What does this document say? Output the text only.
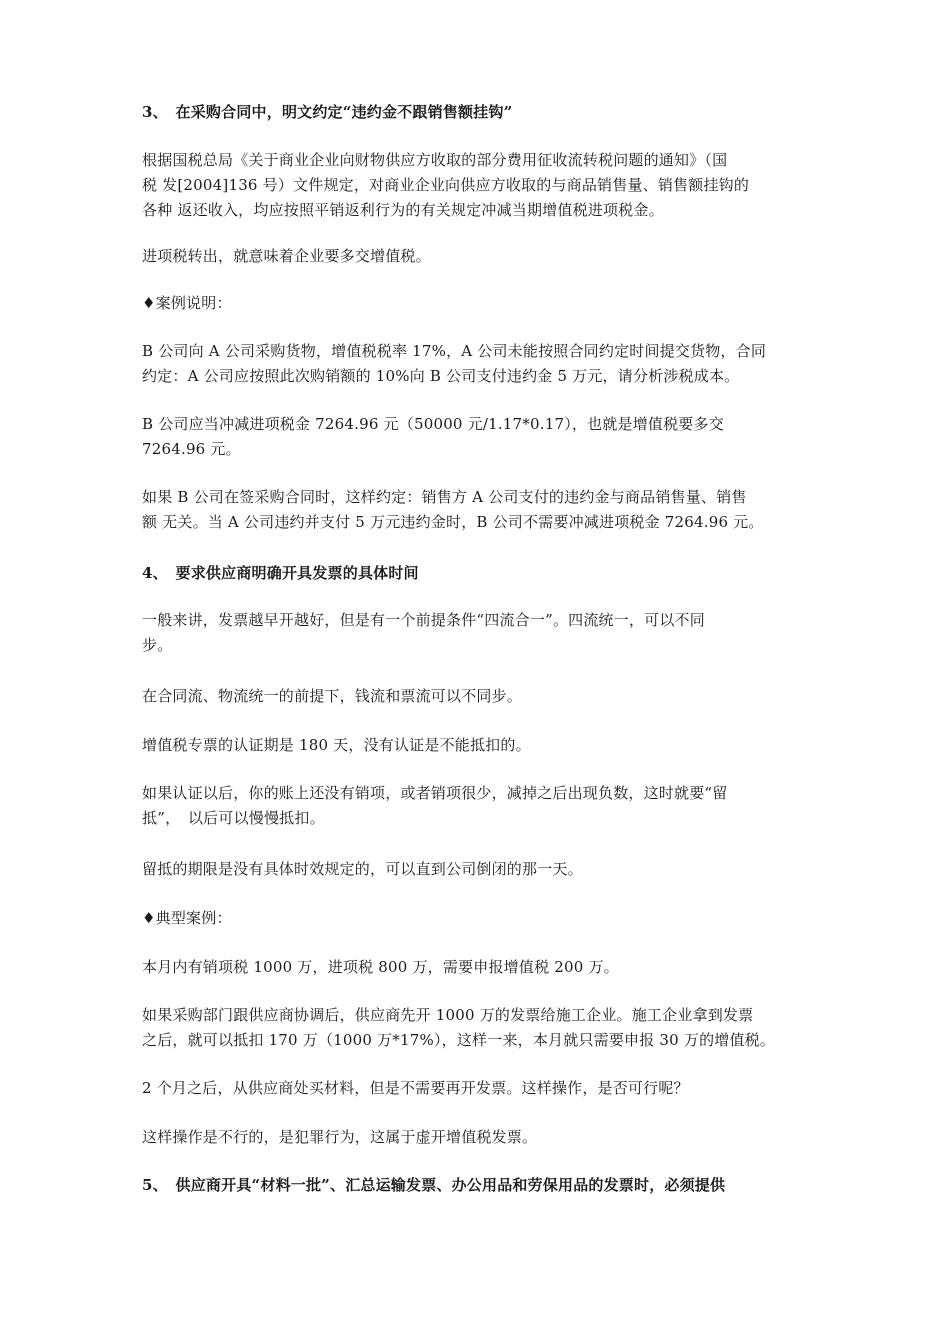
3、　在采购合同中，明文约定“违约金不跟销售额挂钩”
根据国税总局《关于商业企业向财物供应方收取的部分费用征收流转税问题的通知》（国
税 发[2004]136 号）文件规定，对商业企业向供应方收取的与商品销售量、销售额挂钩的
各种 返还收入，均应按照平销返利行为的有关规定冲减当期增值税进项税金。
进项税转出，就意味着企业要多交增值税。
♦案例说明：
B 公司向 A 公司采购货物，增值税税率 17%，A 公司未能按照合同约定时间提交货物，合同
约定：A 公司应按照此次购销额的 10%向 B 公司支付违约金 5 万元，请分析涉税成本。
B 公司应当冲减进项税金 7264.96 元（50000 元/1.17*0.17），也就是增值税要多交
7264.96 元。
如果 B 公司在签采购合同时，这样约定：销售方 A 公司支付的违约金与商品销售量、销售
额 无关。当 A 公司违约并支付 5 万元违约金时，B 公司不需要冲减进项税金 7264.96 元。
4、　要求供应商明确开具发票的具体时间
一般来讲，发票越早开越好，但是有一个前提条件“四流合一”。四流统一，可以不同
步。
在合同流、物流统一的前提下，钱流和票流可以不同步。
增值税专票的认证期是 180 天，没有认证是不能抵扣的。
如果认证以后，你的账上还没有销项，或者销项很少，减掉之后出现负数，这时就要“留
抵”，　以后可以慢慢抵扣。
留抵的期限是没有具体时效规定的，可以直到公司倒闭的那一天。
♦典型案例：
本月内有销项税 1000 万，进项税 800 万，需要申报增值税 200 万。
如果采购部门跟供应商协调后，供应商先开 1000 万的发票给施工企业。施工企业拿到发票
之后，就可以抵扣 170 万（1000 万*17%），这样一来，本月就只需要申报 30 万的增值税。
2 个月之后，从供应商处买材料，但是不需要再开发票。这样操作，是否可行呢？
这样操作是不行的，是犯罪行为，这属于虚开增值税发票。
5、　供应商开具“材料一批”、汇总运输发票、办公用品和劳保用品的发票时，必须提供
